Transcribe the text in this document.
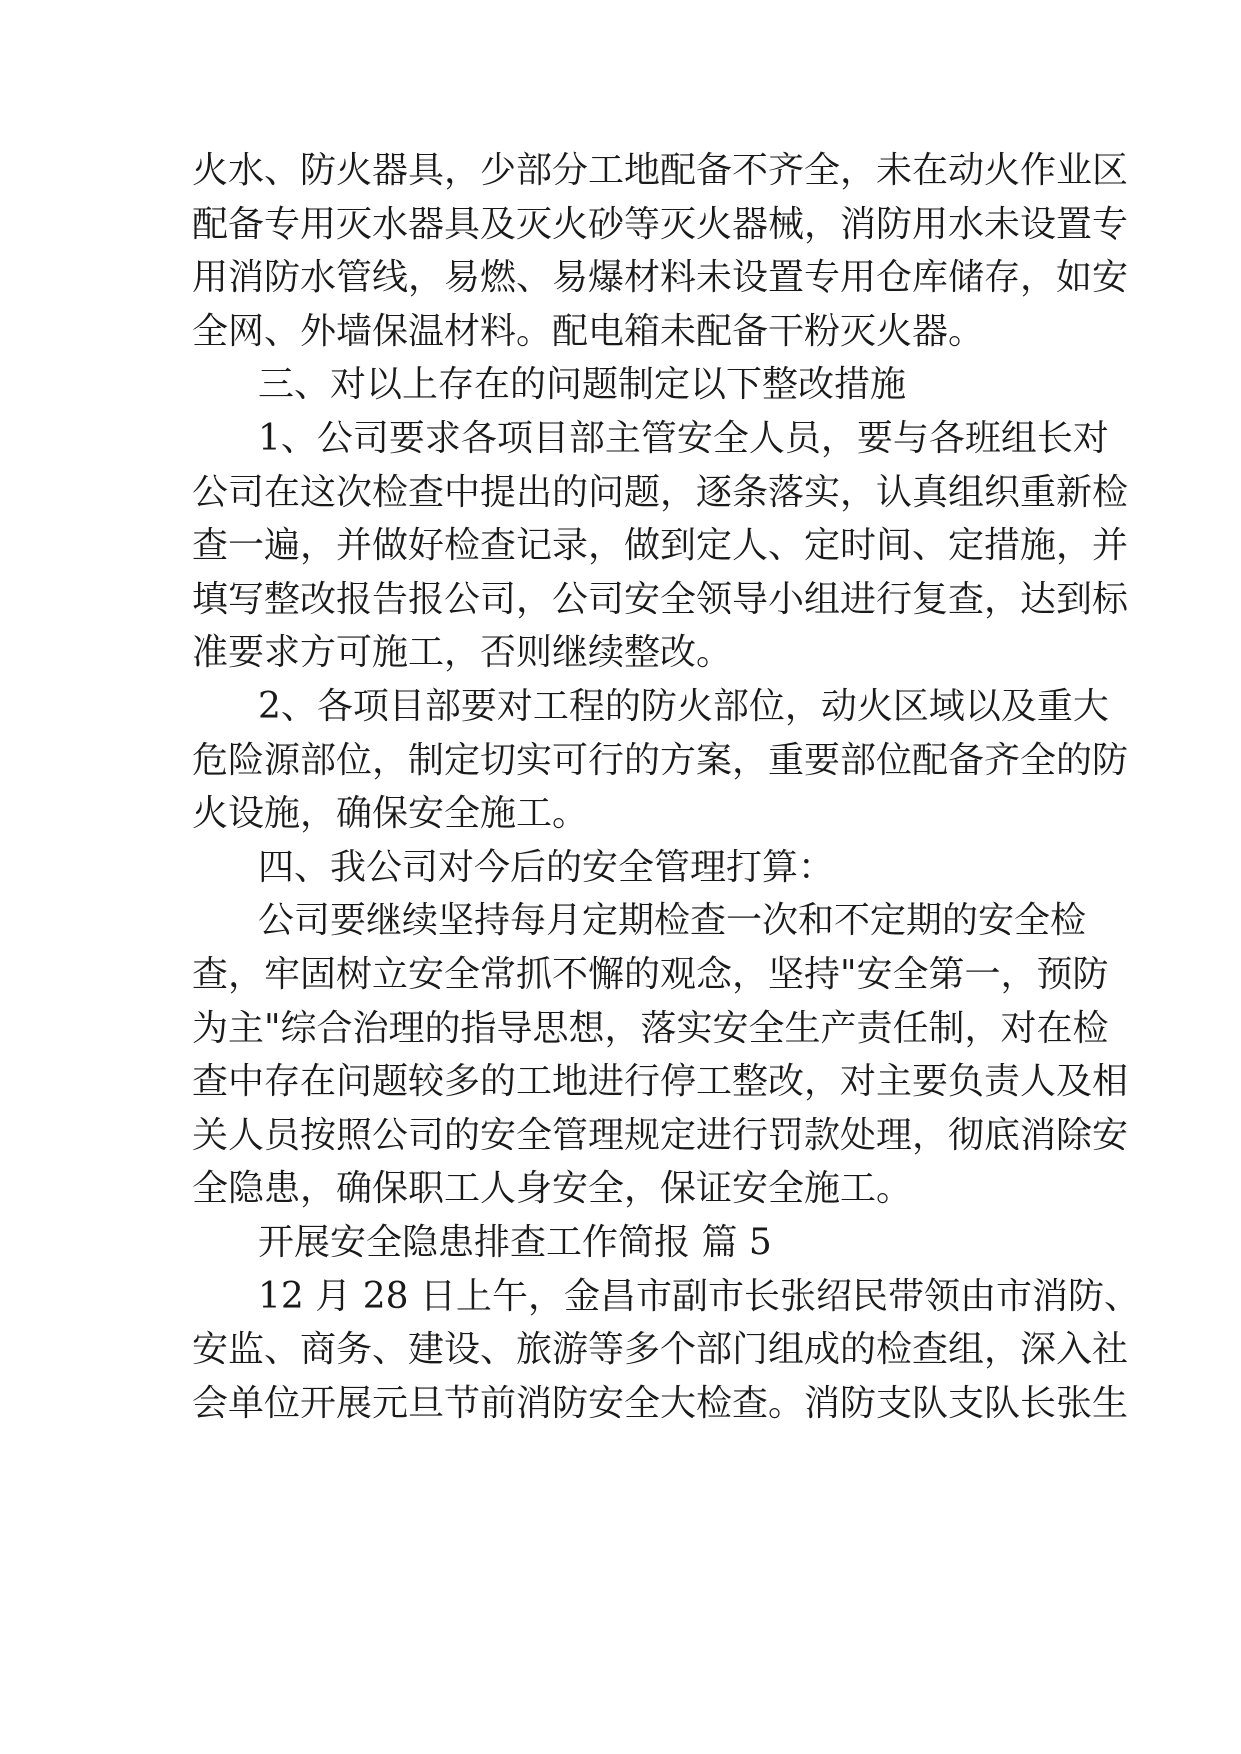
火水、防火器具，少部分工地配备不齐全，未在动火作业区
配备专用灭水器具及灭火砂等灭火器械，消防用水未设置专
用消防水管线，易燃、易爆材料未设置专用仓库储存，如安
全网、外墙保温材料。配电箱未配备干粉灭火器。
三、对以上存在的问题制定以下整改措施
1、公司要求各项目部主管安全人员，要与各班组长对
公司在这次检查中提出的问题，逐条落实，认真组织重新检
查一遍，并做好检查记录，做到定人、定时间、定措施，并
填写整改报告报公司，公司安全领导小组进行复查，达到标
准要求方可施工，否则继续整改。
2、各项目部要对工程的防火部位，动火区域以及重大
危险源部位，制定切实可行的方案，重要部位配备齐全的防
火设施，确保安全施工。
四、我公司对今后的安全管理打算：
公司要继续坚持每月定期检查一次和不定期的安全检
查，牢固树立安全常抓不懈的观念，坚持"安全第一，预防
为主"综合治理的指导思想，落实安全生产责任制，对在检
查中存在问题较多的工地进行停工整改，对主要负责人及相
关人员按照公司的安全管理规定进行罚款处理，彻底消除安
全隐患，确保职工人身安全，保证安全施工。
开展安全隐患排查工作简报 篇 5
12 月 28 日上午，金昌市副市长张绍民带领由市消防、
安监、商务、建设、旅游等多个部门组成的检查组，深入社
会单位开展元旦节前消防安全大检查。消防支队支队长张生
